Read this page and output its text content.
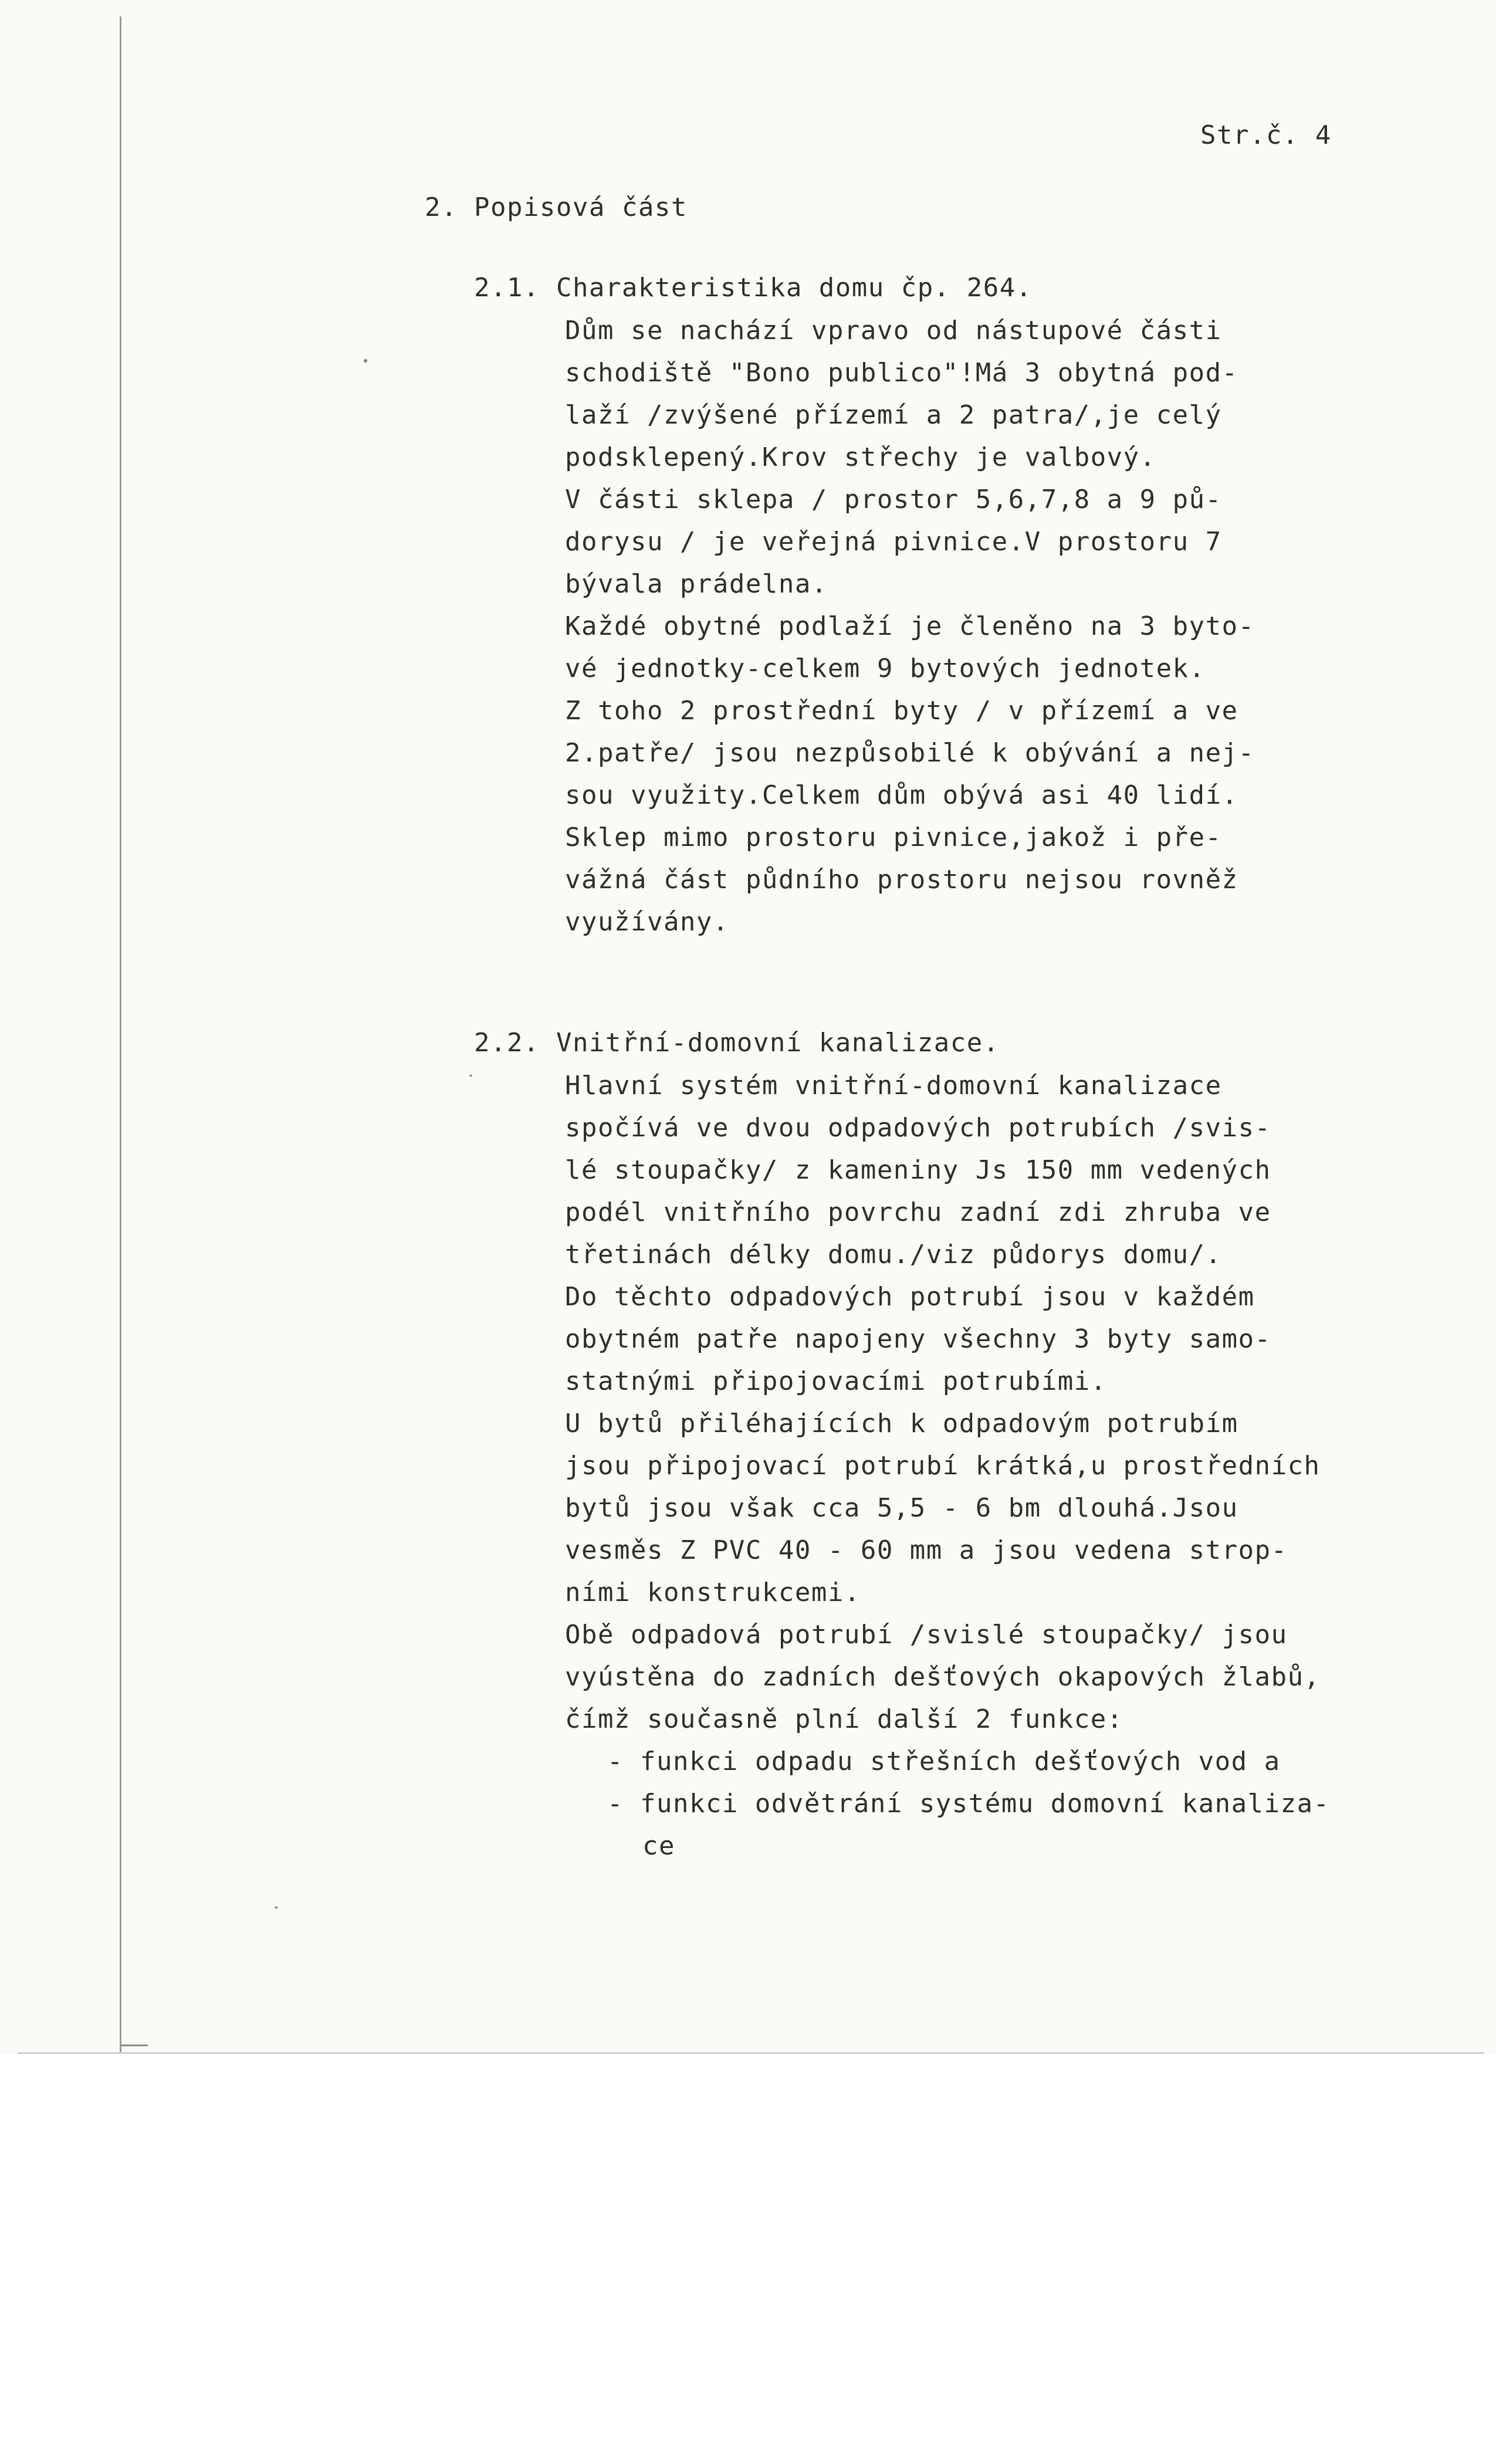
Str.č. 4
2. Popisová část
2.1. Charakteristika domu čp. 264.
Dům se nachází vpravo od nástupové části
schodiště "Bono publico"!Má 3 obytná pod-
laží /zvýšené přízemí a 2 patra/,je celý
podsklepený.Krov střechy je valbový.
V části sklepa / prostor 5,6,7,8 a 9 pů-
dorysu / je veřejná pivnice.V prostoru 7
bývala prádelna.
Každé obytné podlaží je členěno na 3 byto-
vé jednotky-celkem 9 bytových jednotek.
Z toho 2 prostřední byty / v přízemí a ve
2.patře/ jsou nezpůsobilé k obývání a nej-
sou využity.Celkem dům obývá asi 40 lidí.
Sklep mimo prostoru pivnice,jakož i pře-
vážná část půdního prostoru nejsou rovněž
využívány.
2.2. Vnitřní-domovní kanalizace.
Hlavní systém vnitřní-domovní kanalizace
spočívá ve dvou odpadových potrubích /svis-
lé stoupačky/ z kameniny Js 150 mm vedených
podél vnitřního povrchu zadní zdi zhruba ve
třetinách délky domu./viz půdorys domu/.
Do těchto odpadových potrubí jsou v každém
obytném patře napojeny všechny 3 byty samo-
statnými připojovacími potrubími.
U bytů přiléhajících k odpadovým potrubím
jsou připojovací potrubí krátká,u prostředních
bytů jsou však cca 5,5 - 6 bm dlouhá.Jsou
vesměs Z PVC 40 - 60 mm a jsou vedena strop-
ními konstrukcemi.
Obě odpadová potrubí /svislé stoupačky/ jsou
vyústěna do zadních dešťových okapových žlabů,
čímž současně plní další 2 funkce:
- funkci odpadu střešních dešťových vod a
- funkci odvětrání systému domovní kanaliza-
ce
